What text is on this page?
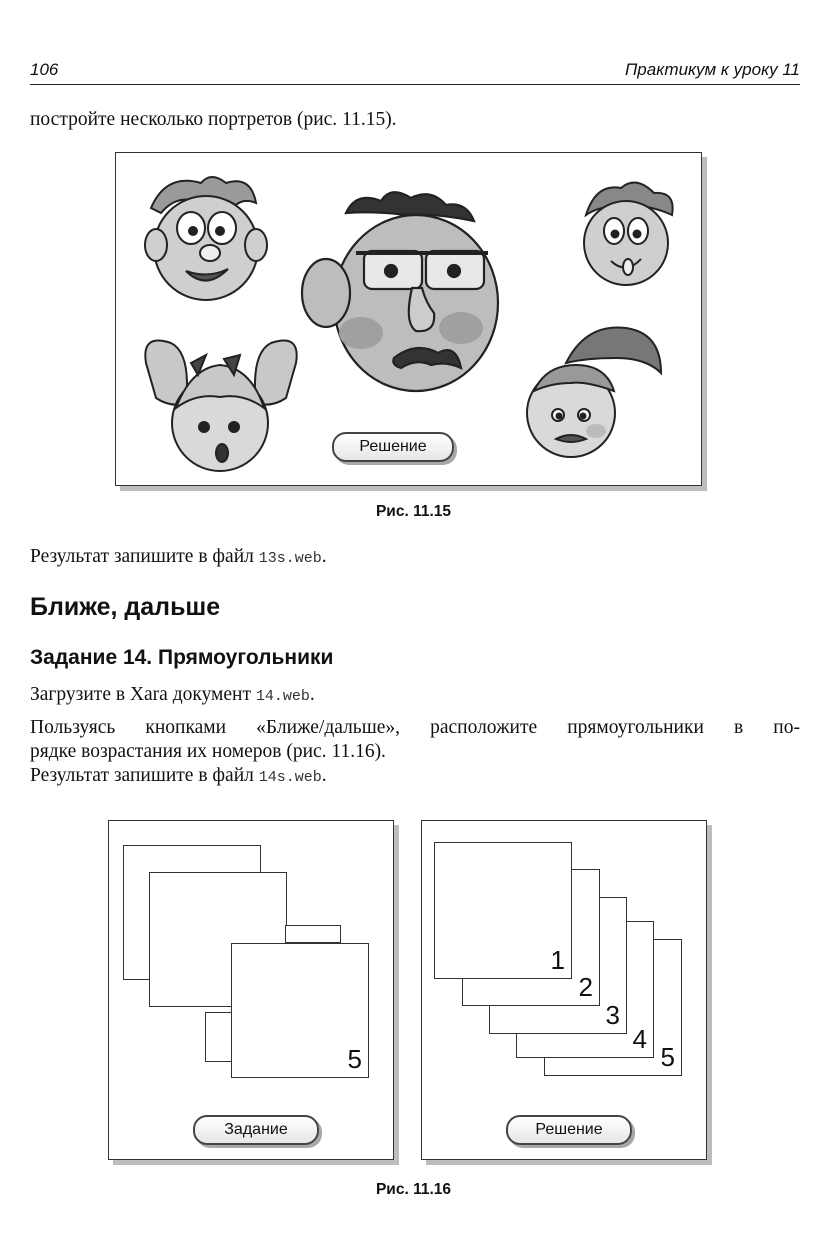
106	Практикум к уроку 11
постройте несколько портретов (рис. 11.15).
Решение
Рис. 11.15
Результат запишите в файл 13s.web.
Ближе, дальше
Задание 14. Прямоугольники
Загрузите в Xara документ 14.web.
Пользуясь кнопками «Ближе/дальше», расположите прямоугольники в по-
рядке возрастания их номеров (рис. 11.16).
Результат запишите в файл 14s.web.
5
Задание
5
4
3
2
1
Решение
Рис. 11.16
